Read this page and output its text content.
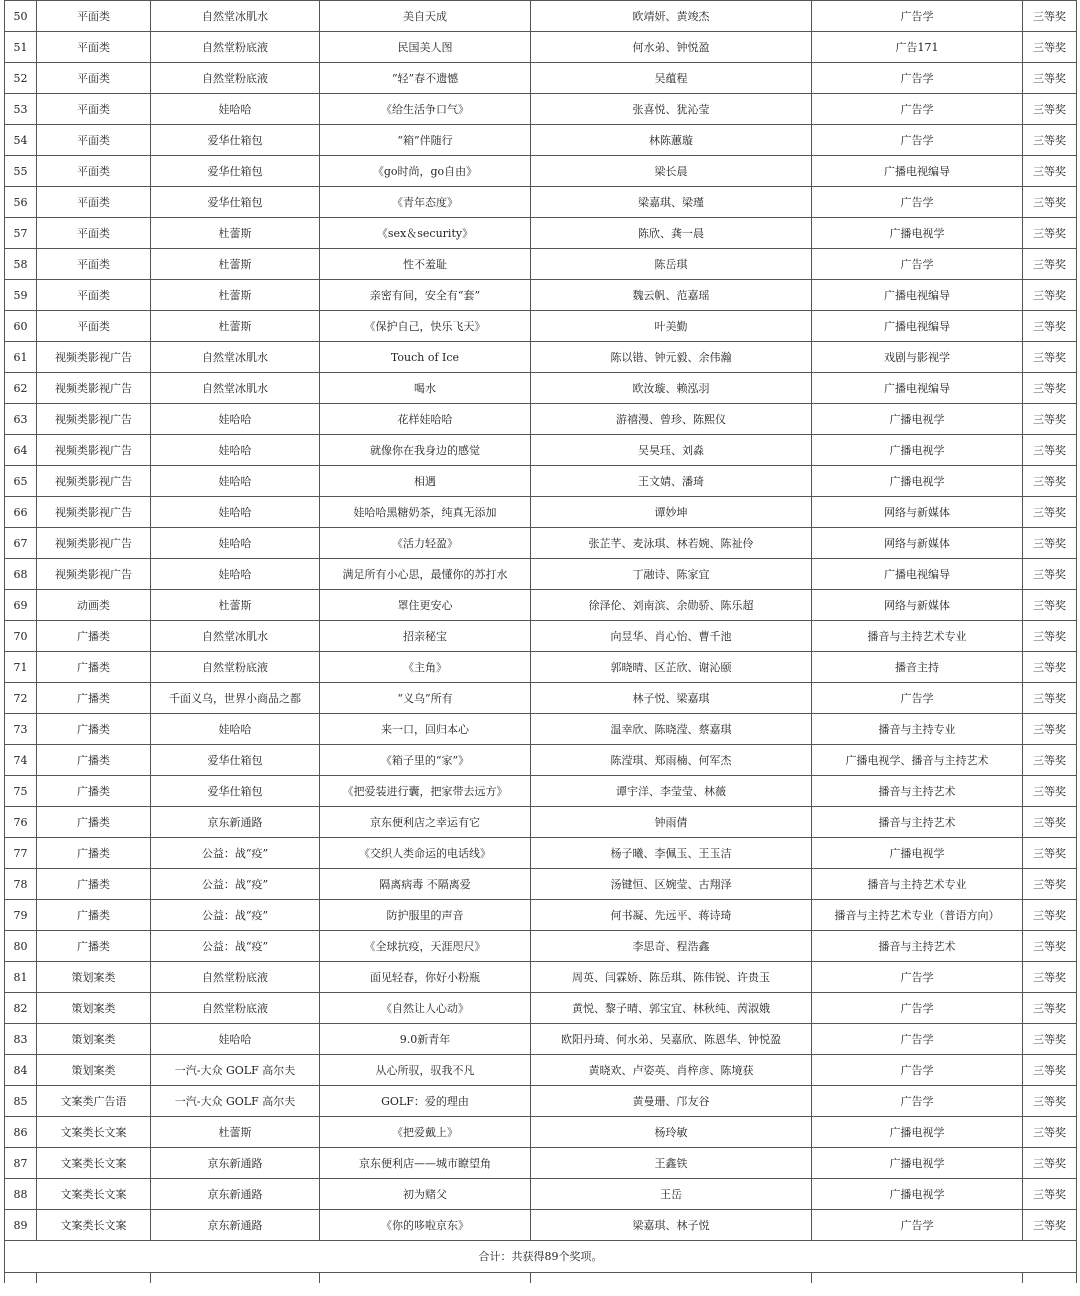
50	平面类	自然堂冰肌水	美自天成	欧靖妍、黄竣杰	广告学	三等奖
51	平面类	自然堂粉底液	民国美人图	何水弟、钟悦盈	广告171	三等奖
52	平面类	自然堂粉底液	“轻”春不遗憾	吴蕴程	广告学	三等奖
53	平面类	娃哈哈	《给生活争口气》	张喜悦、犹沁莹	广告学	三等奖
54	平面类	爱华仕箱包	“箱”伴随行	林陈蕙璇	广告学	三等奖
55	平面类	爱华仕箱包	《go时尚，go自由》	梁长晨	广播电视编导	三等奖
56	平面类	爱华仕箱包	《青年态度》	梁嘉琪、梁瑾	广告学	三等奖
57	平面类	杜蕾斯	《sex＆security》	陈欣、龚一晨	广播电视学	三等奖
58	平面类	杜蕾斯	性不羞耻	陈岳琪	广告学	三等奖
59	平面类	杜蕾斯	亲密有间，安全有“套”	魏云帆、范嘉瑶	广播电视编导	三等奖
60	平面类	杜蕾斯	《保护自己，快乐飞天》	叶美勤	广播电视编导	三等奖
61	视频类影视广告	自然堂冰肌水	Touch of Ice	陈以锴、钟元毅、余伟瀚	戏剧与影视学	三等奖
62	视频类影视广告	自然堂冰肌水	喝水	欧汝璇、赖泓羽	广播电视编导	三等奖
63	视频类影视广告	娃哈哈	花样娃哈哈	游禧漫、曾珍、陈熙仪	广播电视学	三等奖
64	视频类影视广告	娃哈哈	就像你在我身边的感觉	吴昊珏、刘淼	广播电视学	三等奖
65	视频类影视广告	娃哈哈	相遇	王文婧、潘琦	广播电视学	三等奖
66	视频类影视广告	娃哈哈	娃哈哈黑糖奶茶，纯真无添加	谭妙坤	网络与新媒体	三等奖
67	视频类影视广告	娃哈哈	《活力轻盈》	张芷芊、麦泳琪、林若婉、陈祉伶	网络与新媒体	三等奖
68	视频类影视广告	娃哈哈	满足所有小心思，最懂你的苏打水	丁融诗、陈家宜	广播电视编导	三等奖
69	动画类	杜蕾斯	罩住更安心	徐泽伦、刘南滨、余勋骄、陈乐超	网络与新媒体	三等奖
70	广播类	自然堂冰肌水	招亲秘宝	向昱华、肖心怡、曹千池	播音与主持艺术专业	三等奖
71	广播类	自然堂粉底液	《主角》	郭晓晴、区芷欣、谢沁颐	播音主持	三等奖
72	广播类	千面义乌，世界小商品之都	“义乌”所有	林子悦、梁嘉琪	广告学	三等奖
73	广播类	娃哈哈	来一口，回归本心	温幸欣、陈晓滢、蔡嘉琪	播音与主持专业	三等奖
74	广播类	爱华仕箱包	《箱子里的“家”》	陈滢琪、郑雨楠、何军杰	广播电视学、播音与主持艺术	三等奖
75	广播类	爱华仕箱包	《把爱装进行囊，把家带去远方》	谭宇洋、李莹莹、林薇	播音与主持艺术	三等奖
76	广播类	京东新通路	京东便利店之幸运有它	钟雨倩	播音与主持艺术	三等奖
77	广播类	公益：战“疫”	《交织人类命运的电话线》	杨子曦、李佩玉、王玉洁	广播电视学	三等奖
78	广播类	公益：战“疫”	隔离病毒 不隔离爱	汤键恒、区婉莹、古翔泽	播音与主持艺术专业	三等奖
79	广播类	公益：战“疫”	防护服里的声音	何书凝、先远平、蒋诗琦	播音与主持艺术专业（普语方向）	三等奖
80	广播类	公益：战“疫”	《全球抗疫，天涯咫尺》	李思奇、程浩鑫	播音与主持艺术	三等奖
81	策划案类	自然堂粉底液	面见轻春，你好小粉瓶	周英、闫霖娇、陈岳琪、陈伟锐、许贵玉	广告学	三等奖
82	策划案类	自然堂粉底液	《自然让人心动》	黄悦、黎子晴、郭宝宜、林秋纯、苪淑娥	广告学	三等奖
83	策划案类	娃哈哈	9.0新青年	欧阳丹琦、何水弟、吴嘉欣、陈恩华、钟悦盈	广告学	三等奖
84	策划案类	一汽-大众 GOLF 高尔夫	从心所驭，驭我不凡	黄晓欢、卢姿英、肖梓彦、陈境获	广告学	三等奖
85	文案类广告语	一汽-大众 GOLF 高尔夫	GOLF：爱的理由	黄曼珊、邝友谷	广告学	三等奖
86	文案类长文案	杜蕾斯	《把爱戴上》	杨玲敏	广播电视学	三等奖
87	文案类长文案	京东新通路	京东便利店——城市瞭望角	王鑫铁	广播电视学	三等奖
88	文案类长文案	京东新通路	初为赌父	王岳	广播电视学	三等奖
89	文案类长文案	京东新通路	《你的哆啦京东》	梁嘉琪、林子悦	广告学	三等奖
合计：共获得89个奖项。						
